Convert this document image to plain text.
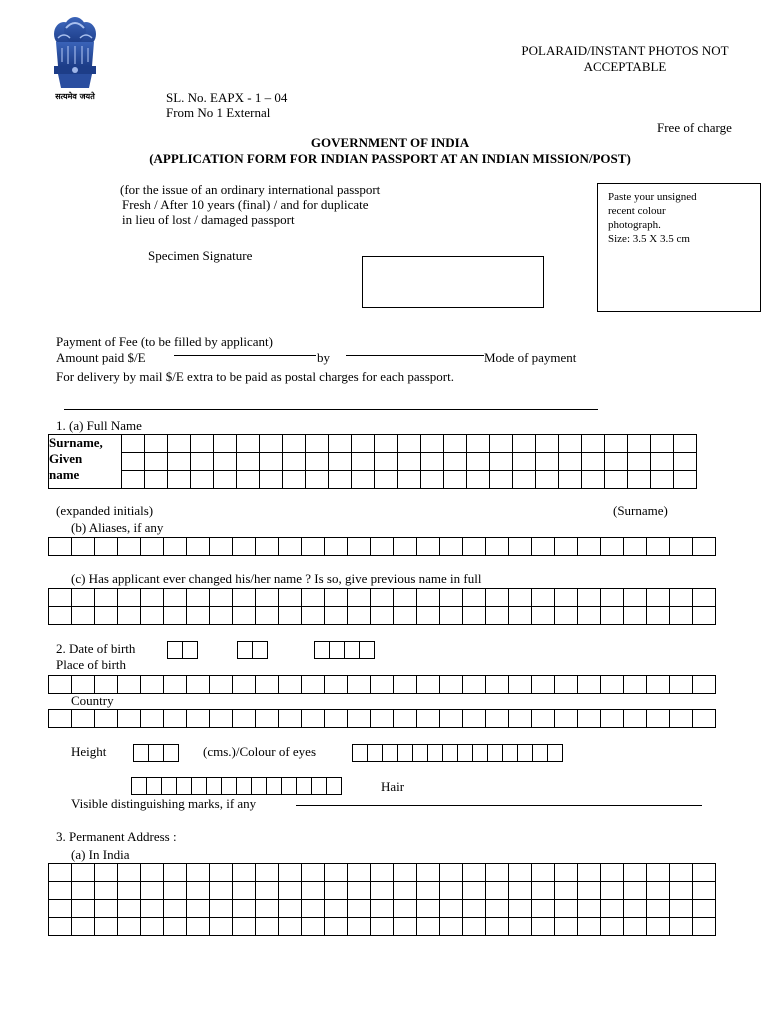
सत्यमेव जयते
POLARAID/INSTANT PHOTOS NOT ACCEPTABLE
SL. No. EAPX - 1 – 04
From No 1 External
Free of charge
GOVERNMENT OF INDIA
(APPLICATION FORM FOR INDIAN PASSPORT AT AN INDIAN MISSION/POST)
(for the issue of an ordinary international passport
Fresh / After 10 years (final) / and for duplicate
in lieu of lost / damaged passport
Specimen Signature
Paste your unsigned
recent colour
photograph.
Size: 3.5 X 3.5 cm
Payment of Fee (to be filled by applicant)
Amount paid $/E	by	Mode of payment
For delivery by mail $/E extra to be paid as postal charges for each passport.
1. (a) Full Name
Surname,
Given
name																									

(expanded initials)	(Surname)
(b) Aliases, if any

(c) Has applicant ever changed his/her name ? Is so, give previous name in full

2. Date of birth
Place of birth

Country

Height	(cms.)/Colour of eyes
Hair
Visible distinguishing marks, if any
3. Permanent Address :
(a) In India
